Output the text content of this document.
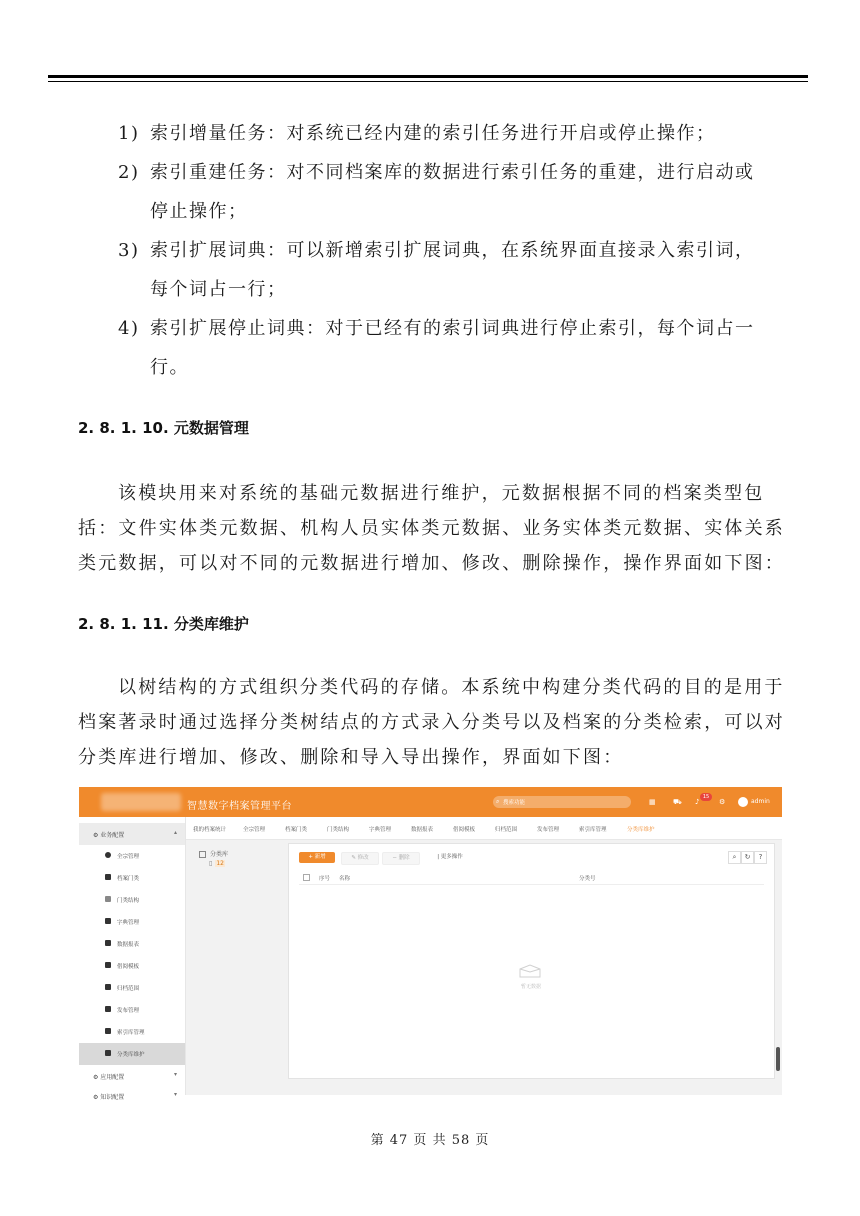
1) 索引增量任务：对系统已经内建的索引任务进行开启或停止操作；
2) 索引重建任务：对不同档案库的数据进行索引任务的重建，进行启动或
停止操作；
3) 索引扩展词典：可以新增索引扩展词典，在系统界面直接录入索引词，
每个词占一行；
4) 索引扩展停止词典：对于已经有的索引词典进行停止索引，每个词占一
行。
2. 8. 1. 10. 元数据管理
该模块用来对系统的基础元数据进行维护，元数据根据不同的档案类型包括：文件实体类元数据、机构人员实体类元数据、业务实体类元数据、实体关系类元数据，可以对不同的元数据进行增加、修改、删除操作，操作界面如下图：
2. 8. 1. 11. 分类库维护
以树结构的方式组织分类代码的存储。本系统中构建分类代码的目的是用于档案著录时通过选择分类树结点的方式录入分类号以及档案的分类检索，可以对分类库进行增加、修改、删除和导入导出操作，界面如下图：
智慧数字档案管理平台	⌕ 搜索功能	▦ ⛟ ♪
15
⚙	admin
⚙ 业务配置	▴
全宗管理
档案门类
门类结构
字典管理
数据报表
借阅模板
归档范围
发布管理
索引库管理
分类库维护
⚙ 应用配置	▾
⚙ 知识配置	▾
我的档案统计	全宗管理	档案门类	门类结构	字典管理	数据报表	借阅模板	归档范围	发布管理	索引库管理	分类库维护
分类库
▯ 12
+ 新增	✎ 修改	− 删除	| 更多操作	⌕	↻	?
序号 名称	分类号
暂无数据
第 47 页 共 58 页
